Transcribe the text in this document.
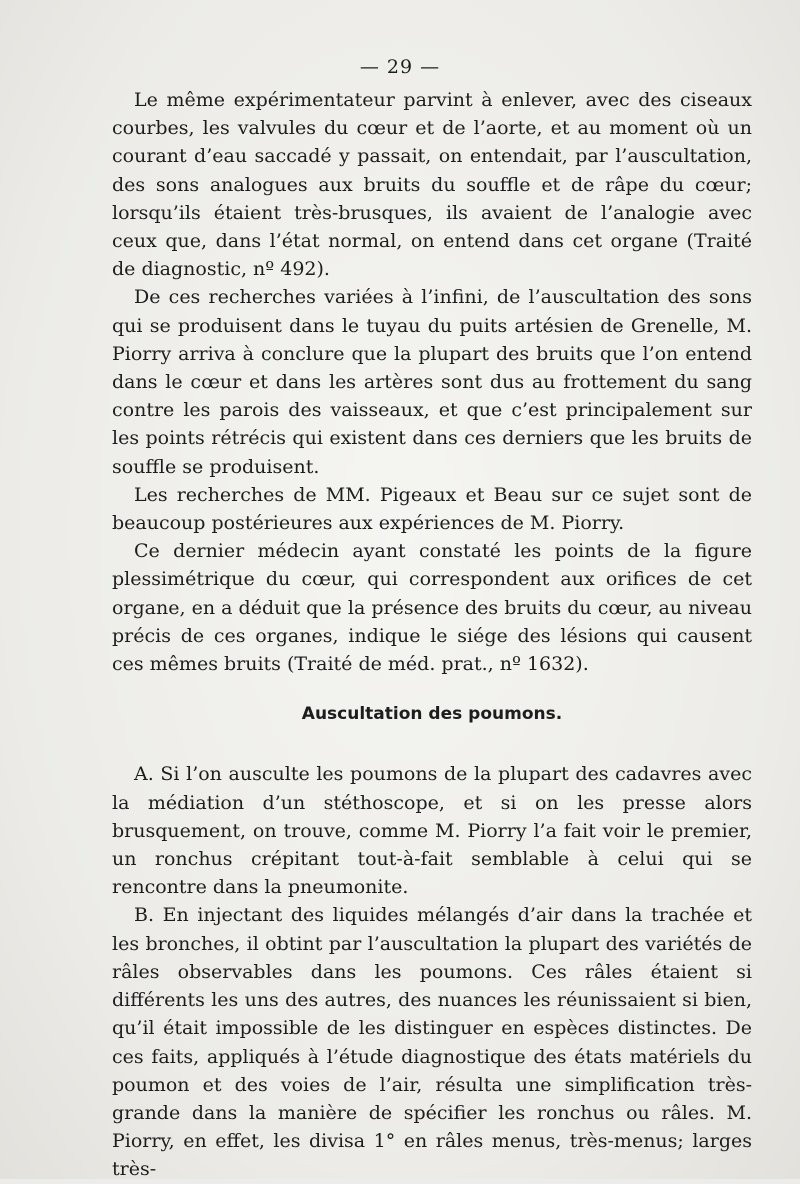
— 29 —

Le même expérimentateur parvint à enlever, avec des ciseaux courbes, les valvules du cœur et de l’aorte, et au moment où un courant d’eau saccadé y passait, on entendait, par l’auscultation, des sons analogues aux bruits du souffle et de râpe du cœur; lorsqu’ils étaient très-brusques, ils avaient de l’analogie avec ceux que, dans l’état normal, on entend dans cet organe (Traité de diagnostic, nº 492).

De ces recherches variées à l’infini, de l’auscultation des sons qui se produisent dans le tuyau du puits artésien de Grenelle, M. Piorry arriva à conclure que la plupart des bruits que l’on entend dans le cœur et dans les artères sont dus au frottement du sang contre les parois des vaisseaux, et que c’est principalement sur les points rétrécis qui existent dans ces derniers que les bruits de souffle se produisent.

Les recherches de MM. Pigeaux et Beau sur ce sujet sont de beaucoup postérieures aux expériences de M. Piorry.

Ce dernier médecin ayant constaté les points de la figure plessimétrique du cœur, qui correspondent aux orifices de cet organe, en a déduit que la présence des bruits du cœur, au niveau précis de ces organes, indique le siége des lésions qui causent ces mêmes bruits (Traité de méd. prat., nº 1632).

Auscultation des poumons.

A. Si l’on ausculte les poumons de la plupart des cadavres avec la médiation d’un stéthoscope, et si on les presse alors brusquement, on trouve, comme M. Piorry l’a fait voir le premier, un ronchus crépitant tout-à-fait semblable à celui qui se rencontre dans la pneumonite.

B. En injectant des liquides mélangés d’air dans la trachée et les bronches, il obtint par l’auscultation la plupart des variétés de râles observables dans les poumons. Ces râles étaient si différents les uns des autres, des nuances les réunissaient si bien, qu’il était impossible de les distinguer en espèces distinctes. De ces faits, appliqués à l’étude diagnostique des états matériels du poumon et des voies de l’air, résulta une simplification très-grande dans la manière de spécifier les ronchus ou râles. M. Piorry, en effet, les divisa 1° en râles menus, très-menus; larges très-
